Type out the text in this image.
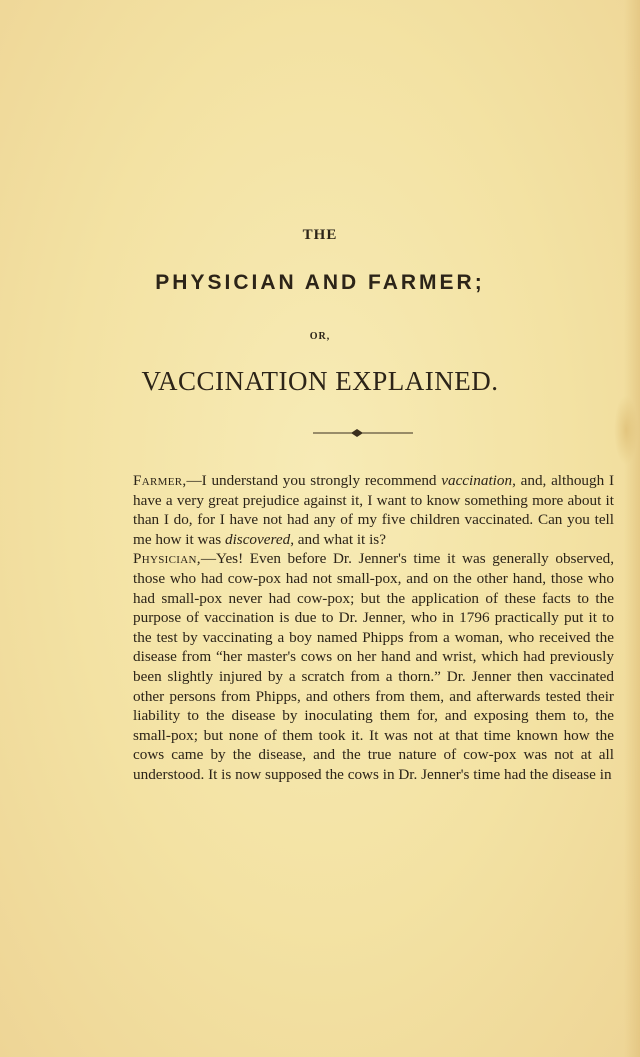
THE
PHYSICIAN AND FARMER;
OR,
VACCINATION EXPLAINED.

Farmer,—I understand you strongly recommend vaccination, and, although I have a very great prejudice against it, I want to know something more about it than I do, for I have not had any of my five children vaccinated. Can you tell me how it was discovered, and what it is?

Physician,—Yes! Even before Dr. Jenner's time it was generally observed, those who had cow-pox had not small-pox, and on the other hand, those who had small-pox never had cow-pox; but the application of these facts to the purpose of vaccination is due to Dr. Jenner, who in 1796 practically put it to the test by vaccinating a boy named Phipps from a woman, who received the disease from “her master's cows on her hand and wrist, which had previously been slightly injured by a scratch from a thorn.” Dr. Jenner then vaccinated other persons from Phipps, and others from them, and afterwards tested their liability to the disease by inoculating them for, and exposing them to, the small-pox; but none of them took it. It was not at that time known how the cows came by the disease, and the true nature of cow-pox was not at all understood. It is now supposed the cows in Dr. Jenner's time had the disease in
